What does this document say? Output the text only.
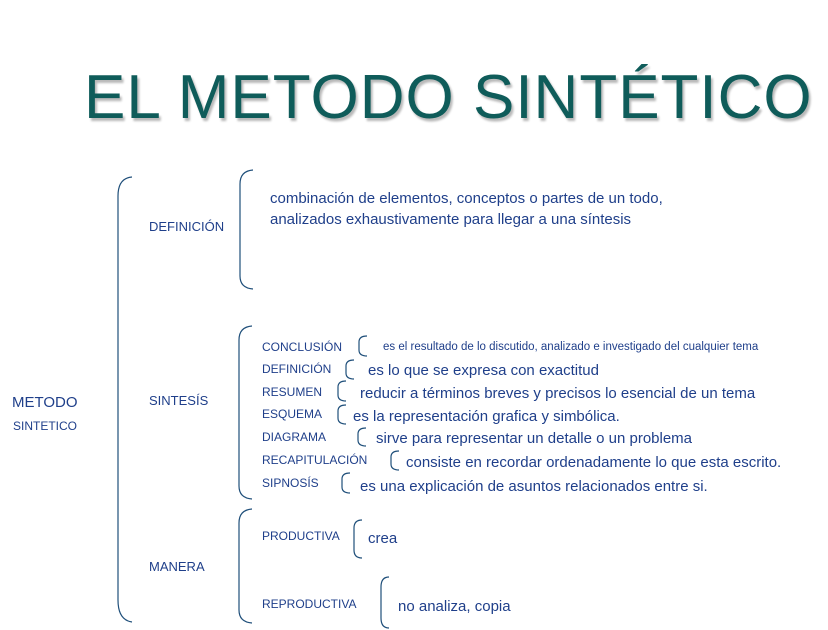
EL METODO SINTÉTICO
METODO
SINTETICO
DEFINICIÓN
combinación de elementos, conceptos o partes de un todo, analizados exhaustivamente para llegar a una síntesis
SINTESÍS
CONCLUSIÓN	es el resultado de lo discutido, analizado e investigado del cualquier tema
DEFINICIÓN es lo que se expresa con exactitud
RESUMEN	reducir a términos breves y precisos lo esencial de un tema
ESQUEMA es la representación grafica y simbólica.
DIAGRAMA	sirve para representar un detalle o un problema
RECAPITULACIÓN	consiste en recordar ordenadamente lo que esta escrito.
SIPNOSÍS	es una explicación de asuntos relacionados entre si.
MANERA
PRODUCTIVA crea
REPRODUCTIVA	no analiza, copia
